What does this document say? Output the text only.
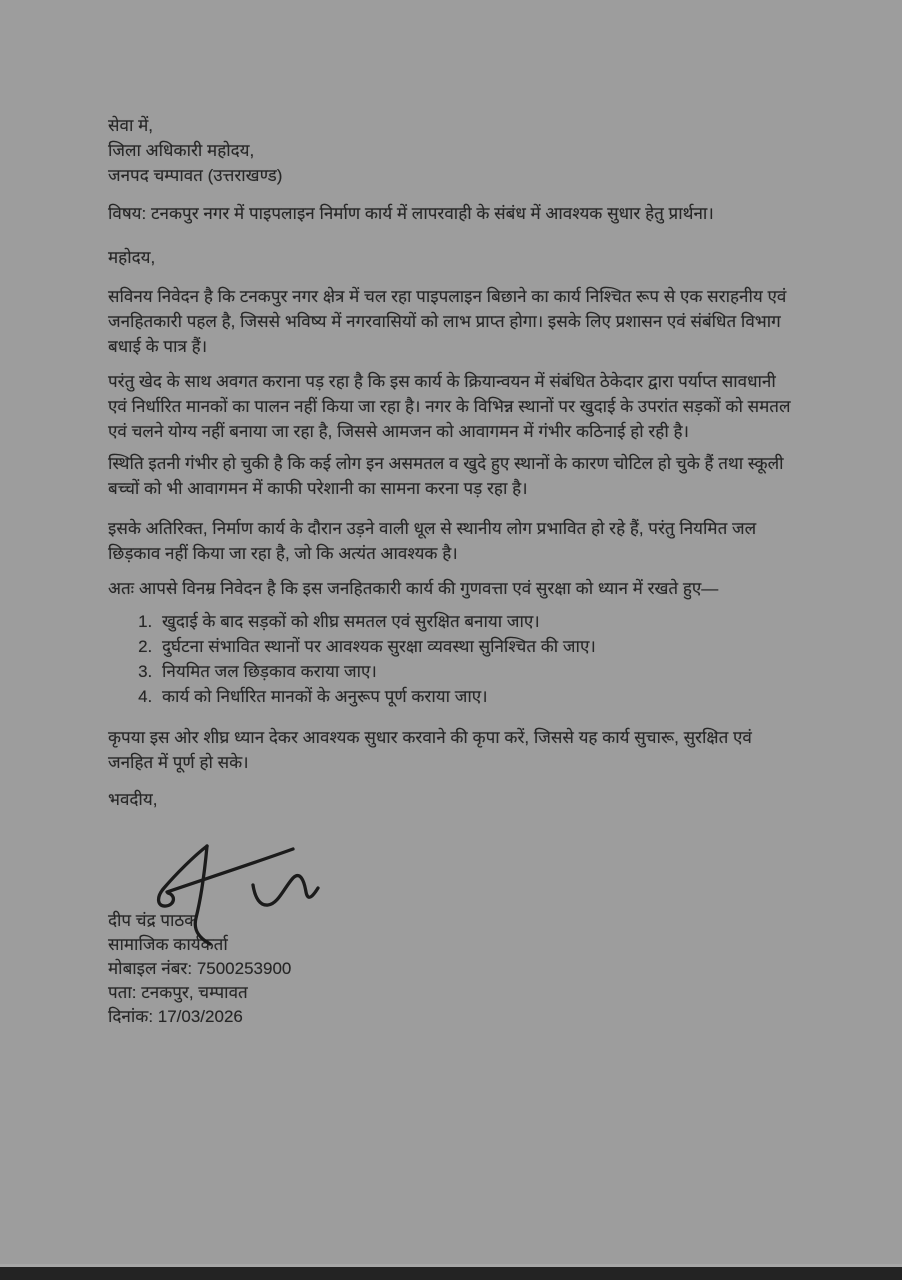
सेवा में,
जिला अधिकारी महोदय,
जनपद चम्पावत (उत्तराखण्ड)

विषय: टनकपुर नगर में पाइपलाइन निर्माण कार्य में लापरवाही के संबंध में आवश्यक सुधार हेतु प्रार्थना।

महोदय,

सविनय निवेदन है कि टनकपुर नगर क्षेत्र में चल रहा पाइपलाइन बिछाने का कार्य निश्चित रूप से एक सराहनीय एवं जनहितकारी पहल है, जिससे भविष्य में नगरवासियों को लाभ प्राप्त होगा। इसके लिए प्रशासन एवं संबंधित विभाग बधाई के पात्र हैं।

परंतु खेद के साथ अवगत कराना पड़ रहा है कि इस कार्य के क्रियान्वयन में संबंधित ठेकेदार द्वारा पर्याप्त सावधानी एवं निर्धारित मानकों का पालन नहीं किया जा रहा है। नगर के विभिन्न स्थानों पर खुदाई के उपरांत सड़कों को समतल एवं चलने योग्य नहीं बनाया जा रहा है, जिससे आमजन को आवागमन में गंभीर कठिनाई हो रही है।

स्थिति इतनी गंभीर हो चुकी है कि कई लोग इन असमतल व खुदे हुए स्थानों के कारण चोटिल हो चुके हैं तथा स्कूली बच्चों को भी आवागमन में काफी परेशानी का सामना करना पड़ रहा है।

इसके अतिरिक्त, निर्माण कार्य के दौरान उड़ने वाली धूल से स्थानीय लोग प्रभावित हो रहे हैं, परंतु नियमित जल छिड़काव नहीं किया जा रहा है, जो कि अत्यंत आवश्यक है।

अतः आपसे विनम्र निवेदन है कि इस जनहितकारी कार्य की गुणवत्ता एवं सुरक्षा को ध्यान में रखते हुए—

1. खुदाई के बाद सड़कों को शीघ्र समतल एवं सुरक्षित बनाया जाए।
2. दुर्घटना संभावित स्थानों पर आवश्यक सुरक्षा व्यवस्था सुनिश्चित की जाए।
3. नियमित जल छिड़काव कराया जाए।
4. कार्य को निर्धारित मानकों के अनुरूप पूर्ण कराया जाए।

कृपया इस ओर शीघ्र ध्यान देकर आवश्यक सुधार करवाने की कृपा करें, जिससे यह कार्य सुचारू, सुरक्षित एवं जनहित में पूर्ण हो सके।

भवदीय,

दीप चंद्र पाठक
सामाजिक कार्यकर्ता
मोबाइल नंबर: 7500253900
पता: टनकपुर, चम्पावत
दिनांक: 17/03/2026
